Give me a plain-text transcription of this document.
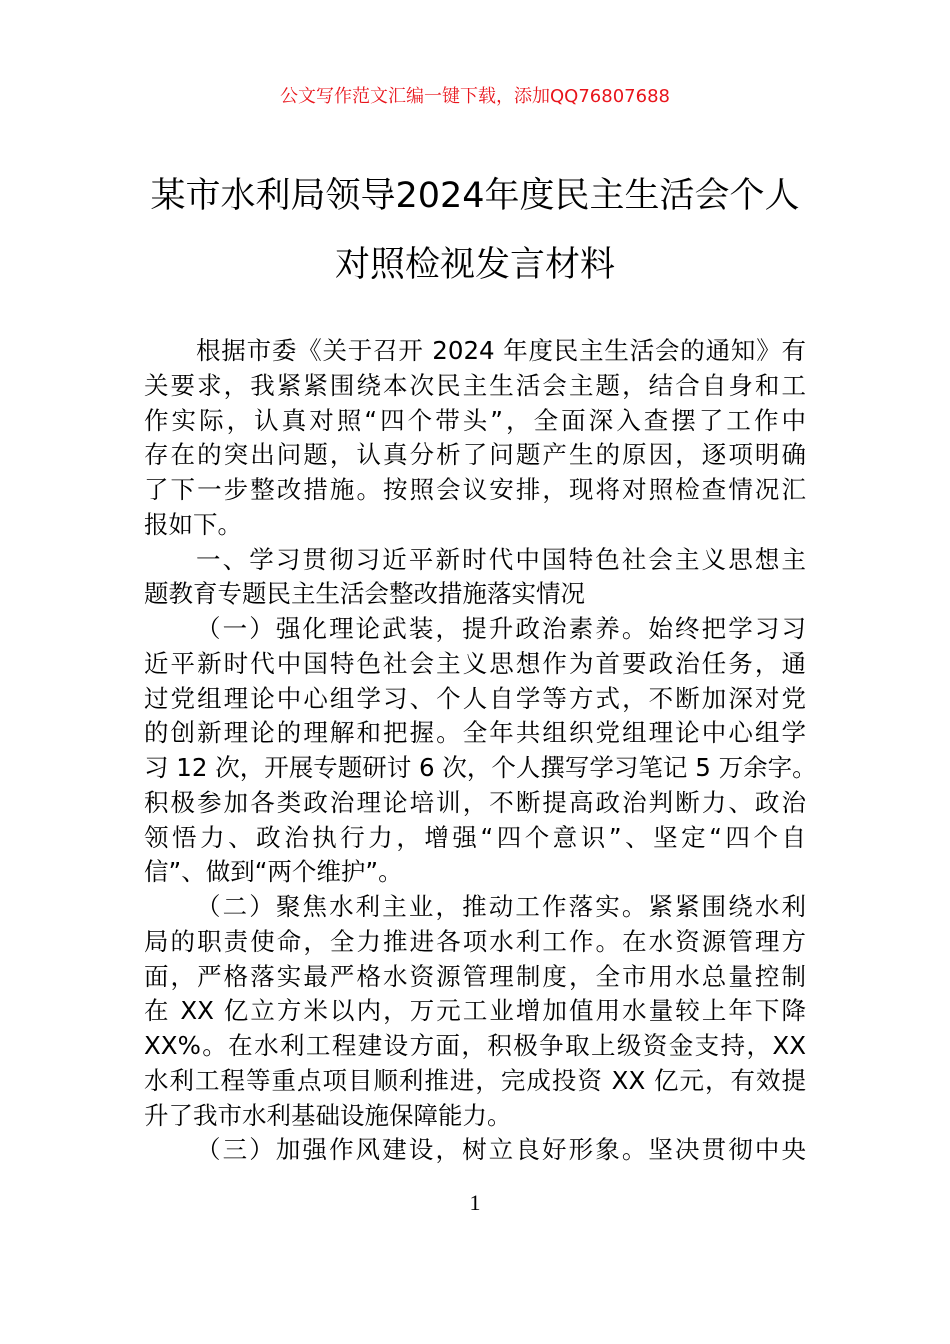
公文写作范文汇编一键下载，添加QQ76807688
某市水利局领导2024年度民主生活会个人
对照检视发言材料
根据市委《关于召开 2024 年度民主生活会的通知》有
关要求，我紧紧围绕本次民主生活会主题，结合自身和工
作实际，认真对照“四个带头”，全面深入查摆了工作中
存在的突出问题，认真分析了问题产生的原因，逐项明确
了下一步整改措施。按照会议安排，现将对照检查情况汇
报如下。
一、学习贯彻习近平新时代中国特色社会主义思想主
题教育专题民主生活会整改措施落实情况
（一）强化理论武装，提升政治素养。始终把学习习
近平新时代中国特色社会主义思想作为首要政治任务，通
过党组理论中心组学习、个人自学等方式，不断加深对党
的创新理论的理解和把握。全年共组织党组理论中心组学
习 12 次，开展专题研讨 6 次，个人撰写学习笔记 5 万余字。
积极参加各类政治理论培训，不断提高政治判断力、政治
领悟力、政治执行力，增强“四个意识”、坚定“四个自
信”、做到“两个维护”。
（二）聚焦水利主业，推动工作落实。紧紧围绕水利
局的职责使命，全力推进各项水利工作。在水资源管理方
面，严格落实最严格水资源管理制度，全市用水总量控制
在 XX 亿立方米以内，万元工业增加值用水量较上年下降
XX%。在水利工程建设方面，积极争取上级资金支持，XX
水利工程等重点项目顺利推进，完成投资 XX 亿元，有效提
升了我市水利基础设施保障能力。
（三）加强作风建设，树立良好形象。坚决贯彻中央
1
